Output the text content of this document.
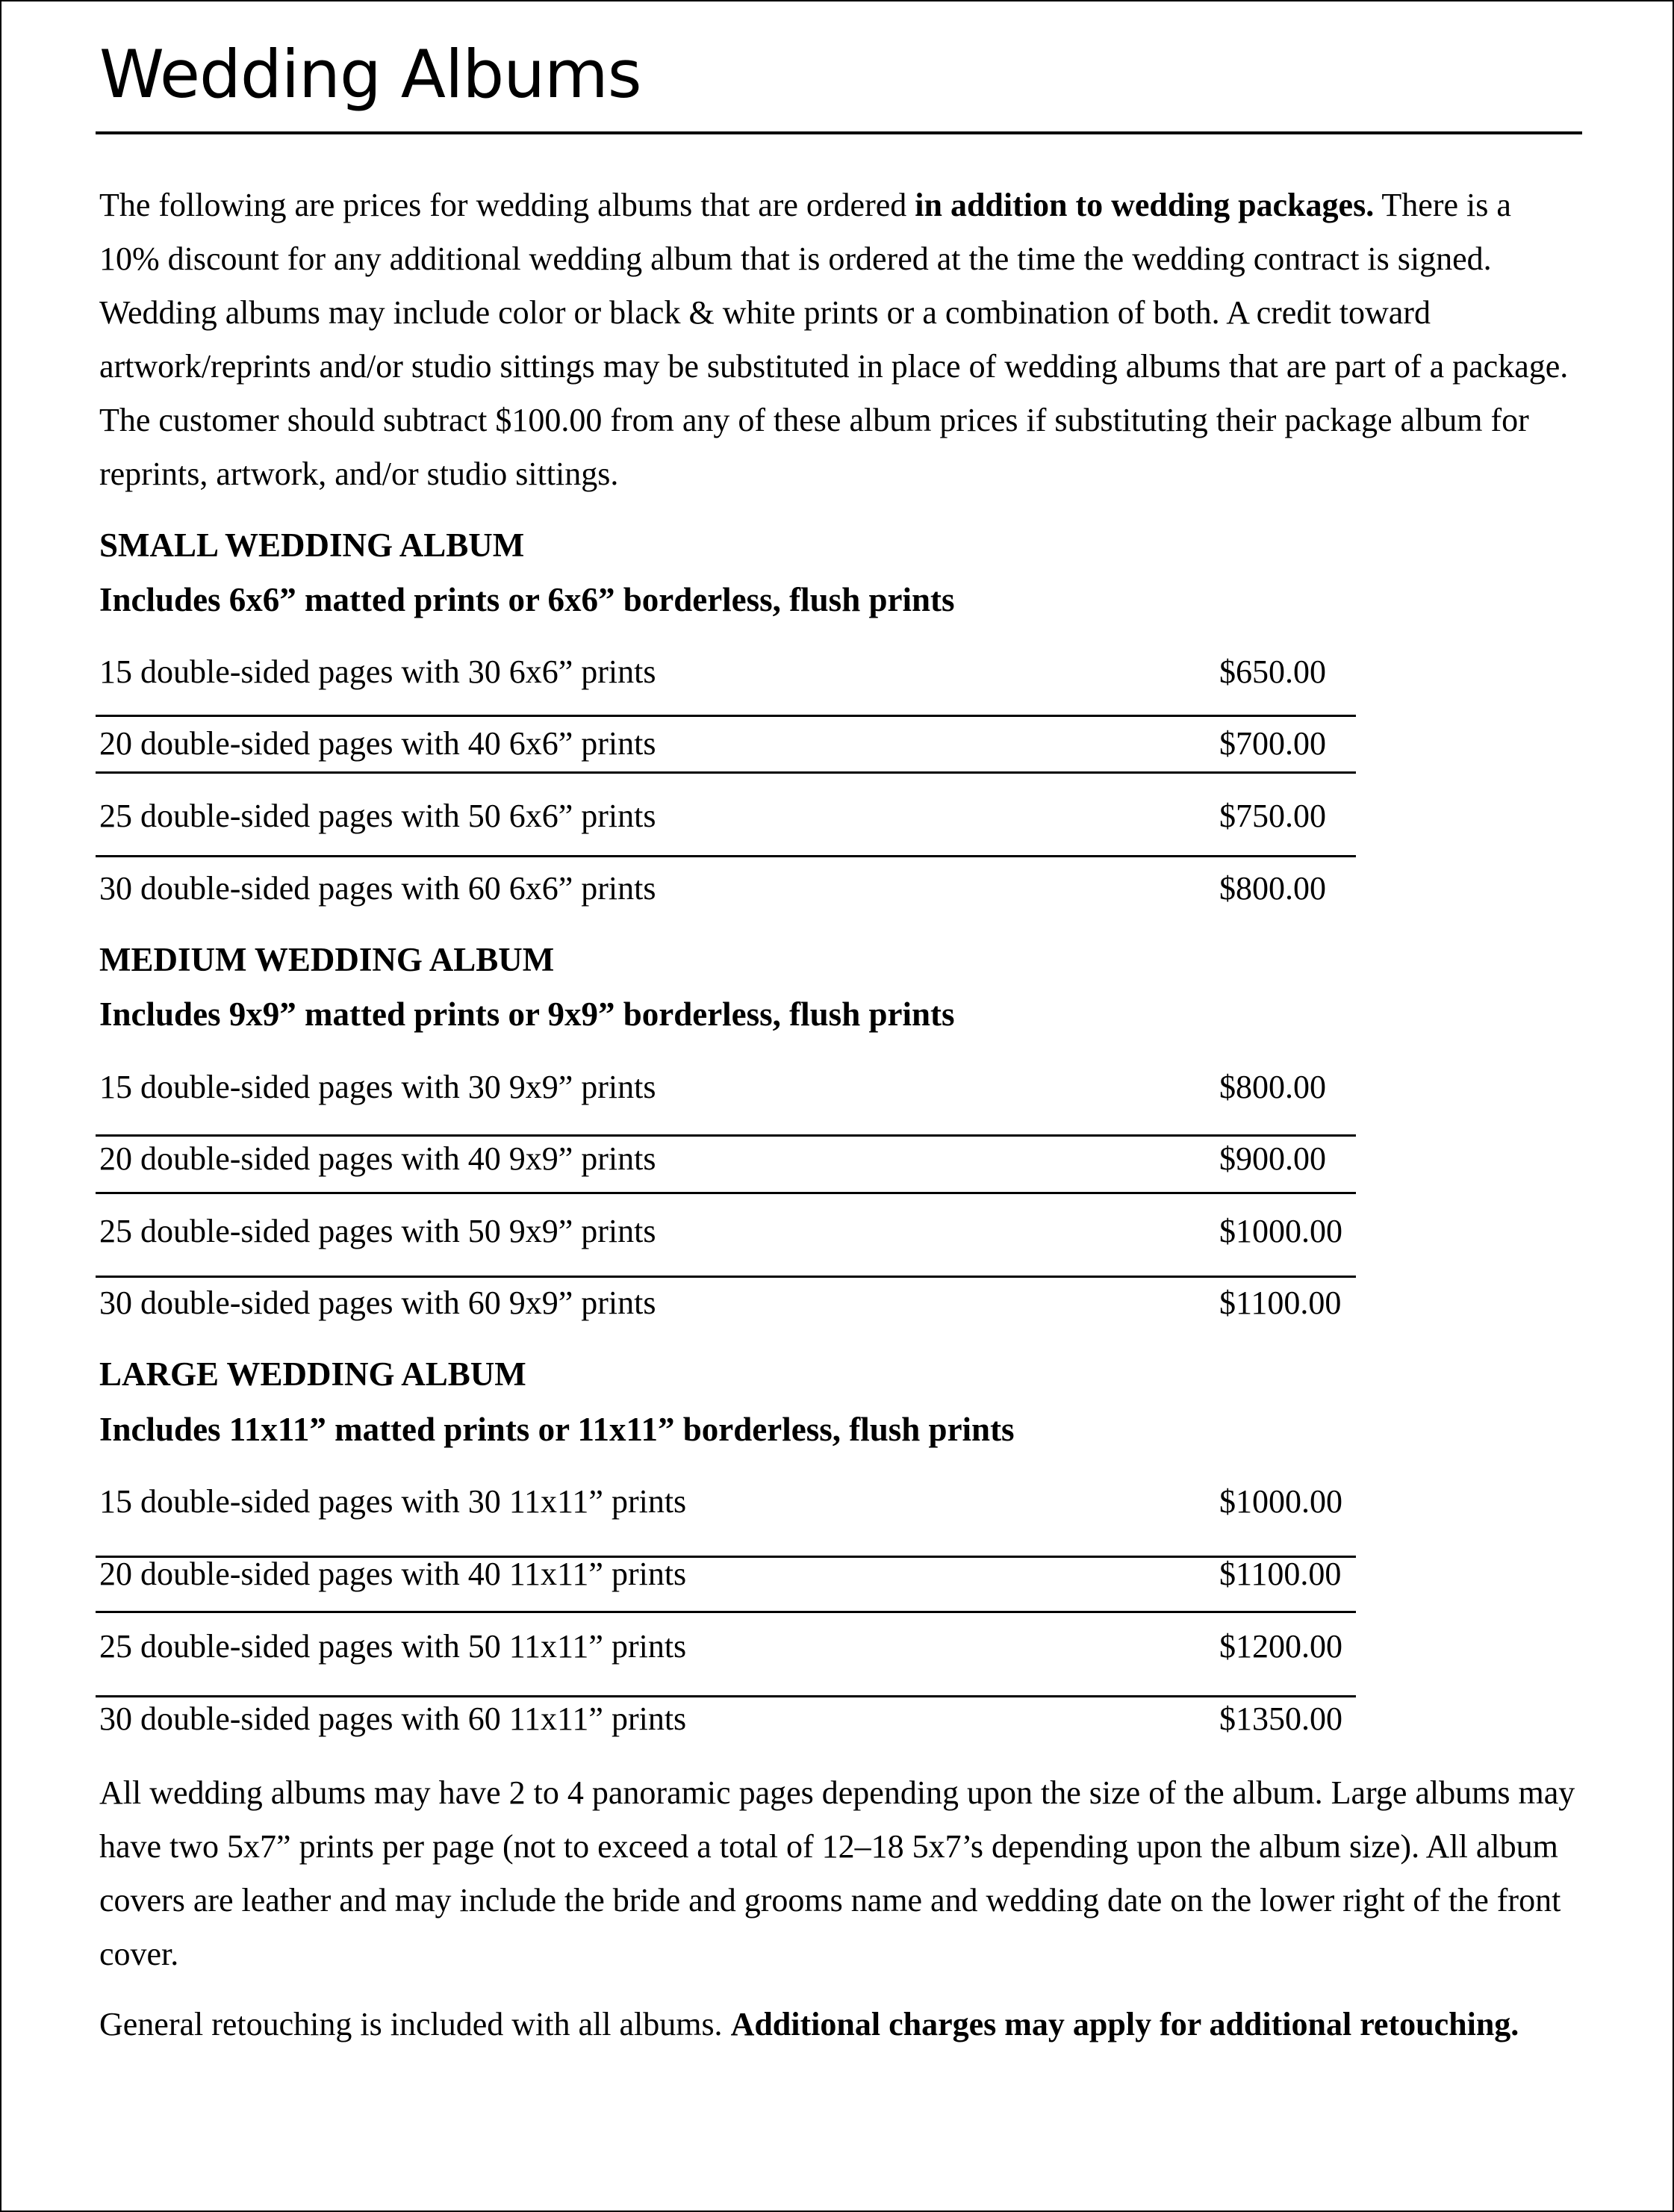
Wedding Albums

The following are prices for wedding albums that are ordered in addition to wedding packages. There is a 10% discount for any additional wedding album that is ordered at the time the wedding contract is signed. Wedding albums may include color or black & white prints or a combination of both. A credit toward artwork/reprints and/or studio sittings may be substituted in place of wedding albums that are part of a package. The customer should subtract $100.00 from any of these album prices if substituting their package album for reprints, artwork, and/or studio sittings.

SMALL WEDDING ALBUM

Includes 6x6” matted prints or 6x6” borderless, flush prints

15 double-sided pages with 30 6x6” prints	$650.00
20 double-sided pages with 40 6x6” prints	$700.00
25 double-sided pages with 50 6x6” prints	$750.00
30 double-sided pages with 60 6x6” prints	$800.00

MEDIUM WEDDING ALBUM

Includes 9x9” matted prints or 9x9” borderless, flush prints

15 double-sided pages with 30 9x9” prints	$800.00
20 double-sided pages with 40 9x9” prints	$900.00
25 double-sided pages with 50 9x9” prints	$1000.00
30 double-sided pages with 60 9x9” prints	$1100.00

LARGE WEDDING ALBUM

Includes 11x11” matted prints or 11x11” borderless, flush prints

15 double-sided pages with 30 11x11” prints	$1000.00
20 double-sided pages with 40 11x11” prints	$1100.00
25 double-sided pages with 50 11x11” prints	$1200.00
30 double-sided pages with 60 11x11” prints	$1350.00

All wedding albums may have 2 to 4 panoramic pages depending upon the size of the album. Large albums may have two 5x7” prints per page (not to exceed a total of 12–18 5x7’s depending upon the album size). All album covers are leather and may include the bride and grooms name and wedding date on the lower right of the front cover.

General retouching is included with all albums. Additional charges may apply for additional retouching.
